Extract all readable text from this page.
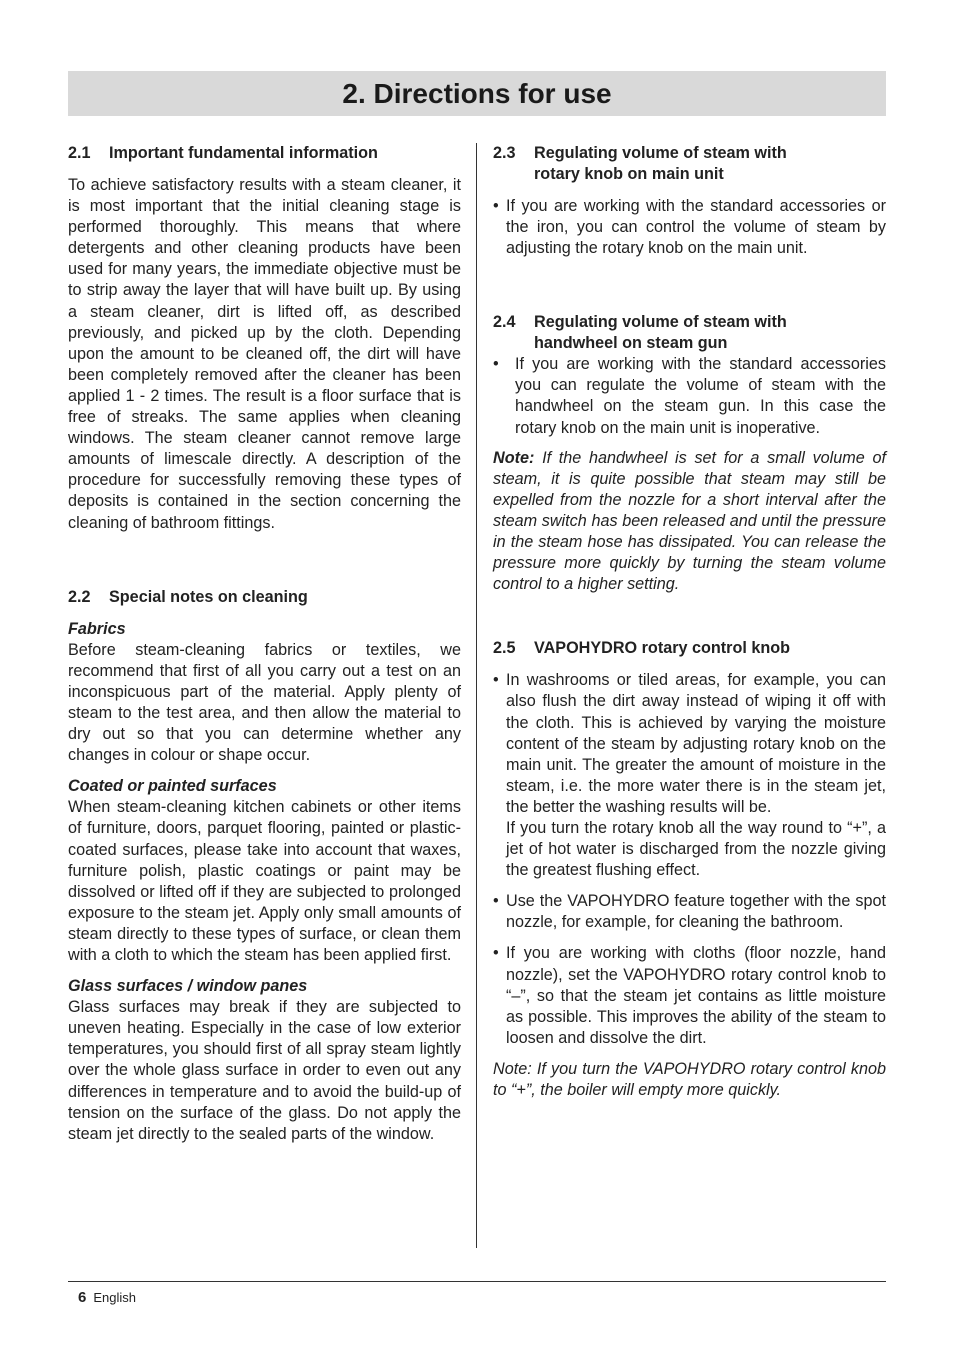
2. Directions for use
2.1	Important fundamental information

To achieve satisfactory results with a steam cleaner, it is most important that the initial cleaning stage is performed thoroughly. This means that where detergents and other cleaning products have been used for many years, the immediate objective must be to strip away the layer that will have built up. By using a steam cleaner, dirt is lifted off, as described previously, and picked up by the cloth. Depending upon the amount to be cleaned off, the dirt will have been completely removed after the cleaner has been applied 1 - 2 times. The result is a floor surface that is free of streaks. The same applies when cleaning windows. The steam cleaner cannot remove large amounts of limescale directly. A description of the procedure for successfully removing these types of deposits is contained in the section concerning the cleaning of bathroom fittings.

2.2	Special notes on cleaning

Fabrics

Before steam-cleaning fabrics or textiles, we recommend that first of all you carry out a test on an inconspicuous part of the material. Apply plenty of steam to the test area, and then allow the material to dry out so that you can determine whether any changes in colour or shape occur.

Coated or painted surfaces

When steam-cleaning kitchen cabinets or other items of furniture, doors, parquet flooring, painted or plastic-coated surfaces, please take into account that waxes, furniture polish, plastic coatings or paint may be dissolved or lifted off if they are subjected to prolonged exposure to the steam jet. Apply only small amounts of steam directly to these types of surface, or clean them with a cloth to which the steam has been applied first.

Glass surfaces / window panes

Glass surfaces may break if they are subjected to uneven heating. Especially in the case of low exterior temperatures, you should first of all spray steam lightly over the whole glass surface in order to even out any differences in temperature and to avoid the build-up of tension on the surface of the glass. Do not apply the steam jet directly to the sealed parts of the window.

2.3	Regulating volume of steam with
rotary knob on main unit
• If you are working with the standard accessories or the iron, you can control the volume of steam by adjusting the rotary knob on the main unit.
2.4	Regulating volume of steam with
handwheel on steam gun
• If you are working with the standard accessories you can regulate the volume of steam with the handwheel on the steam gun. In this case the rotary knob on the main unit is inoperative.

Note: If the handwheel is set for a small volume of steam, it is quite possible that steam may still be expelled from the nozzle for a short interval after the steam switch has been released and until the pressure in the steam hose has dissipated. You can release the pressure more quickly by turning the steam volume control to a higher setting.

2.5	VAPOHYDRO rotary control knob
• In washrooms or tiled areas, for example, you can also flush the dirt away instead of wiping it off with the cloth. This is achieved by varying the moisture content of the steam by adjusting rotary knob on the main unit. The greater the amount of moisture in the steam, i.e. the more water there is in the steam jet, the better the washing results will be.
If you turn the rotary knob all the way round to “+”, a jet of hot water is discharged from the nozzle giving the greatest flushing effect.
• Use the VAPOHYDRO feature together with the spot nozzle, for example, for cleaning the bathroom.
• If you are working with cloths (floor nozzle, hand nozzle), set the VAPOHYDRO rotary control knob to “–”, so that the steam jet contains as little moisture as possible. This improves the ability of the steam to loosen and dissolve the dirt.

Note: If you turn the VAPOHYDRO rotary control knob to “+”, the boiler will empty more quickly.

6 English
